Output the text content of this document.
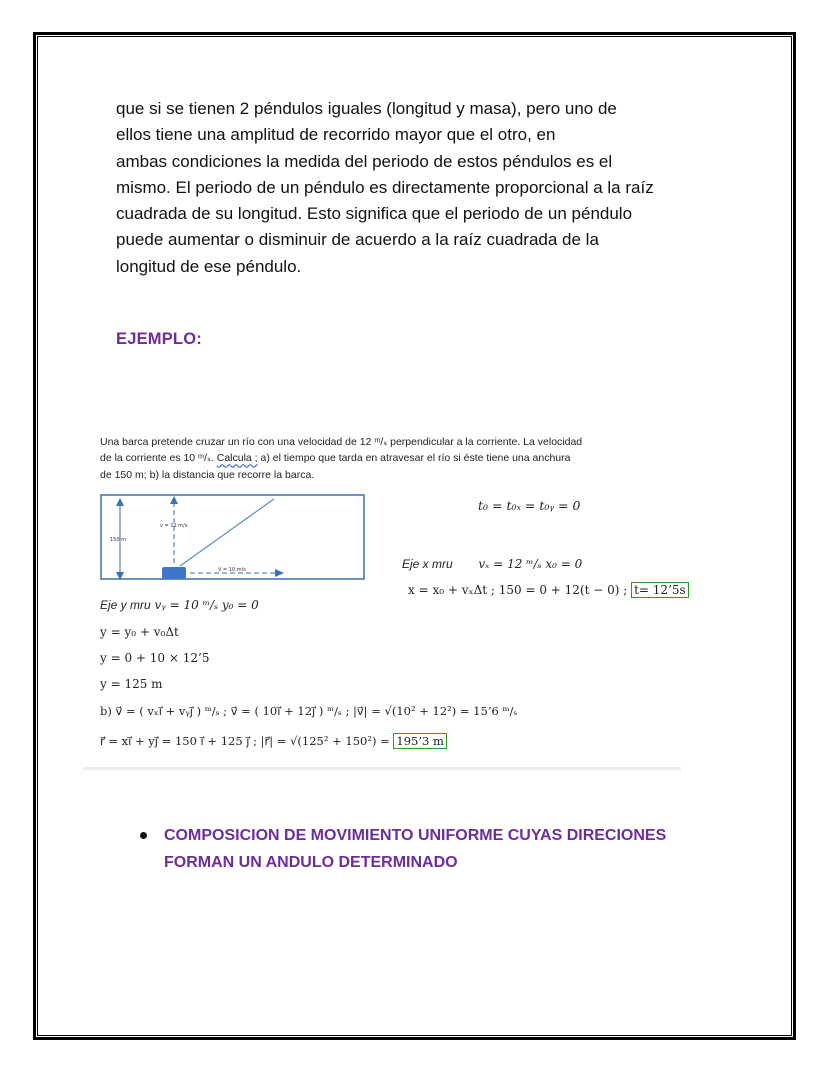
que si se tienen 2 péndulos iguales (longitud y masa), pero uno de
ellos tiene una amplitud de recorrido mayor que el otro, en
ambas condiciones la medida del periodo de estos péndulos es el
mismo. El periodo de un péndulo es directamente proporcional a la raíz
cuadrada de su longitud. Esto significa que el periodo de un péndulo
puede aumentar o disminuir de acuerdo a la raíz cuadrada de la
longitud de ese péndulo.
EJEMPLO:
Una barca pretende cruzar un río con una velocidad de 12 ᵐ/ₛ perpendicular a la corriente. La velocidad
de la corriente es 10 ᵐ/ₛ. Calcula ; a) el tiempo que tarda en atravesar el río si éste tiene una anchura
de 150 m; b) la distancia que recorre la barca.
v = 12 m/s
150 m
V = 10 m/s
t₀ = t₀ₓ = t₀ᵧ = 0
Eje x mru vₓ = 12 ᵐ/ₛ x₀ = 0
x = x₀ + vₓΔt ; 150 = 0 + 12(t − 0) ; t= 12’5s
Eje y mru vᵧ = 10 ᵐ/ₛ y₀ = 0
y = y₀ + v₀Δt
y = 0 + 10 × 12’5
y = 125 m
b) v⃗ = ( vₓi⃗ + vᵧj⃗ ) ᵐ/ₛ ; v⃗ = ( 10i⃗ + 12j⃗ ) ᵐ/ₛ ; |v⃗| = √(10² + 12²) = 15’6 ᵐ/ₛ
r⃗ = xi⃗ + yj⃗ = 150 i⃗ + 125 j⃗ ; |r⃗| = √(125² + 150²) = 195’3 m
COMPOSICION DE MOVIMIENTO UNIFORME CUYAS DIRECIONES
FORMAN UN ANDULO DETERMINADO
